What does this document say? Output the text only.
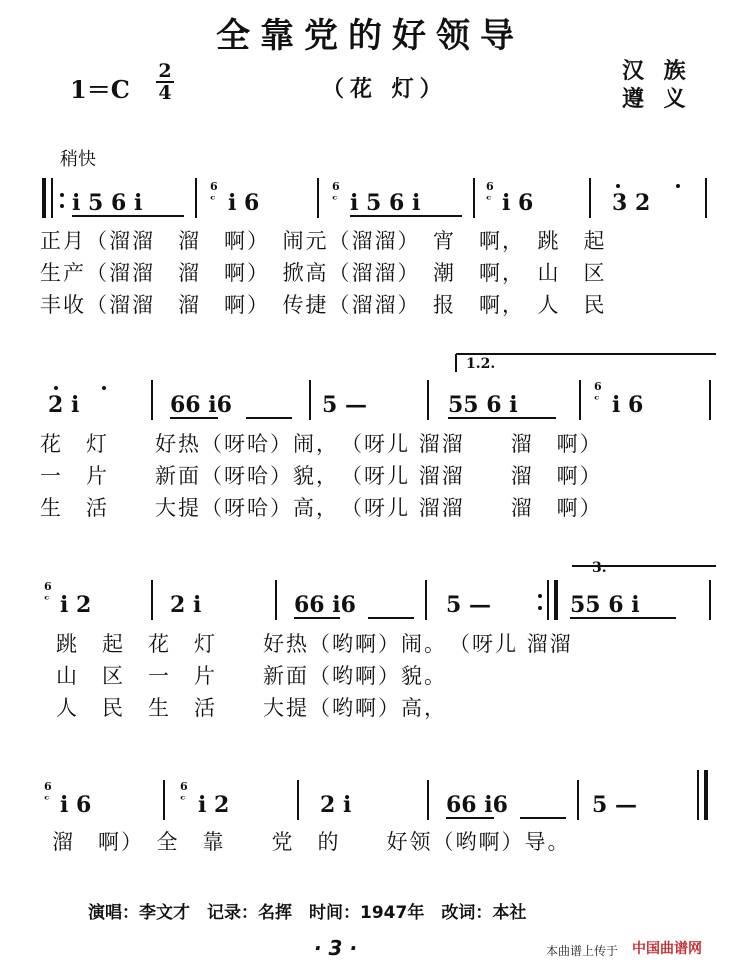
全靠党的好领导
1＝C
2
4	（花 灯）
汉 族
遵 义
稍快
i 5 6 i
6
ᶜ i 6
6
ᶜ i 5 6 i
6
ᶜ i 6	3 2
1.2.
2 i	66 i6	5 —	55 6 i
6
ᶜ i 6
3.
6
ᶜ i 2	2 i	66 i6	5 —	55 6 i
6
ᶜ i 6
6
ᶜ i 2	2 i	66 i6	5 —
正月（溜溜　溜　啊）　闹元（溜溜）　宵　啊，　跳　起
生产（溜溜　溜　啊）　掀高（溜溜）　潮　啊，　山　区
丰收（溜溜　溜　啊）　传捷（溜溜）　报　啊，　人　民
花　灯　　好热（呀哈）闹，　（呀儿 溜溜　　溜　啊）
一　片　　新面（呀哈）貌，　（呀儿 溜溜　　溜　啊）
生　活　　大提（呀哈）高，　（呀儿 溜溜　　溜　啊）
跳　起　花　灯　　好热（哟啊）闹。　（呀儿 溜溜
山　区　一　片　　新面（哟啊）貌。
人　民　生　活　　大提（哟啊）高，
溜　啊）　全　靠　　党　的　　好领（哟啊）导。
演唱：李文才　记录：名挥　时间：1947年　改词：本社
· 3 ·	本曲谱上传于 中国曲谱网
